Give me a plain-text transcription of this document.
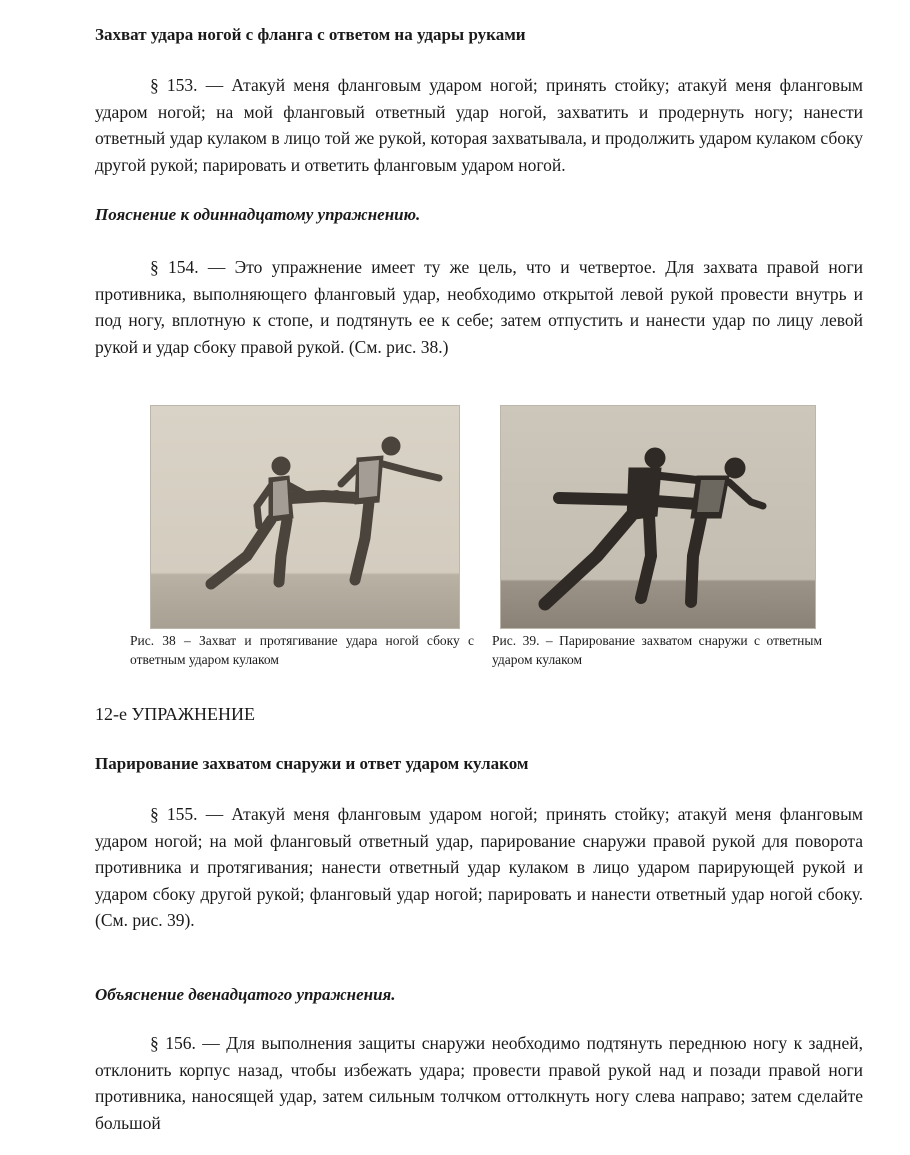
Захват удара ногой с фланга с ответом на удары руками

§ 153. — Атакуй меня фланговым ударом ногой; принять стойку; атакуй меня фланговым ударом ногой; на мой фланговый ответный удар ногой, захватить и продернуть ногу; нанести ответный удар кулаком в лицо той же рукой, которая захватывала, и продолжить ударом кулаком сбоку другой рукой; парировать и ответить фланговым ударом ногой.

Пояснение к одиннадцатому упражнению.

§ 154. — Это упражнение имеет ту же цель, что и четвертое. Для захвата правой ноги противника, выполняющего фланговый удар, необходимо открытой левой рукой провести внутрь и под ногу, вплотную к стопе, и подтянуть ее к себе; затем отпустить и нанести удар по лицу левой рукой и удар сбоку правой рукой. (См. рис. 38.)

Рис. 38 – Захват и протягивание удара ногой сбоку с ответным ударом кулаком

Рис. 39. – Парирование захватом снаружи с ответным ударом кулаком

12-е УПРАЖНЕНИЕ

Парирование захватом снаружи и ответ ударом кулаком

§ 155. — Атакуй меня фланговым ударом ногой; принять стойку; атакуй меня фланговым ударом ногой; на мой фланговый ответный удар, парирование снаружи правой рукой для поворота противника и протягивания; нанести ответный удар кулаком в лицо ударом парирующей рукой и ударом сбоку другой рукой; фланговый удар ногой; парировать и нанести ответный удар ногой сбоку. (См. рис. 39).

Объяснение двенадцатого упражнения.

§ 156. — Для выполнения защиты снаружи необходимо подтянуть переднюю ногу к задней, отклонить корпус назад, чтобы избежать удара; провести правой рукой над и позади правой ноги противника, наносящей удар, затем сильным толчком оттолкнуть ногу слева направо; затем сделайте большой
